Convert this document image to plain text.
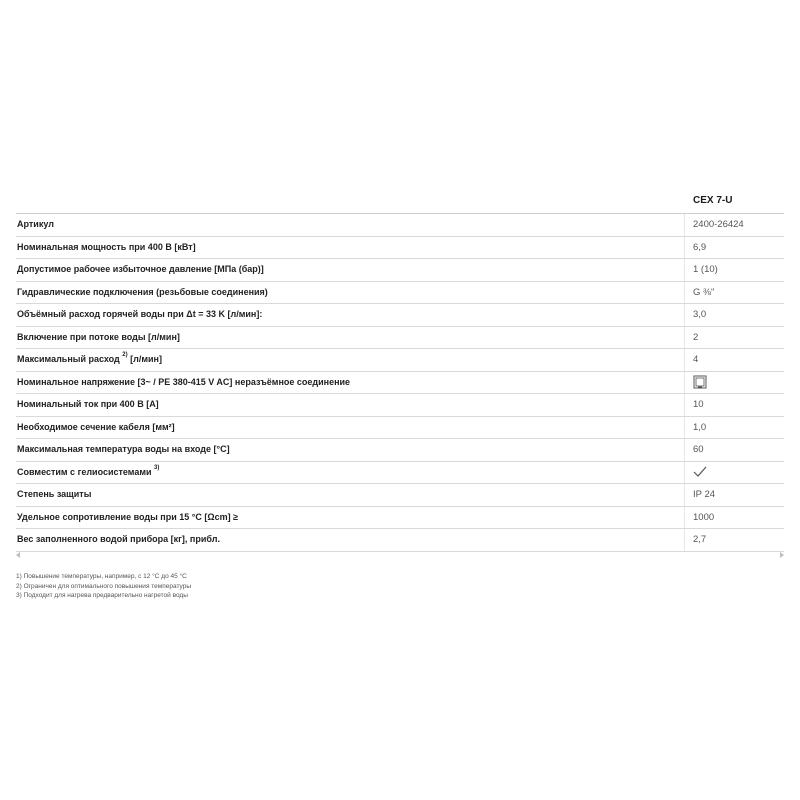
CEX 7-U
Артикул	2400-26424
Номинальная мощность при 400 В [кВт]	6,9
Допустимое рабочее избыточное давление [МПа (бар)]	1 (10)
Гидравлические подключения (резьбовые соединения)	G ⅜"
Объёмный расход горячей воды при Δt = 33 K [л/мин]:	3,0
Включение при потоке воды [л/мин]	2
Максимальный расход $^{2)}$ [л/мин]	4
Номинальное напряжение [3~ / PE 380-415 V AC] неразъёмное соединение
Номинальный ток при 400 В [А]	10
Необходимое сечение кабеля [мм²]	1,0
Максимальная температура воды на входе [°C]	60
Совместим с гелиосистемами $^{3)}$
Степень защиты	IP 24
Удельное сопротивление воды при 15 °C [Ωcm] ≥	1000
Вес заполненного водой прибора [кг], прибл.	2,7
1) Повышение температуры, например, с 12 °C до 45 °C
2) Ограничен для оптимального повышения температуры
3) Подходит для нагрева предварительно нагретой воды
